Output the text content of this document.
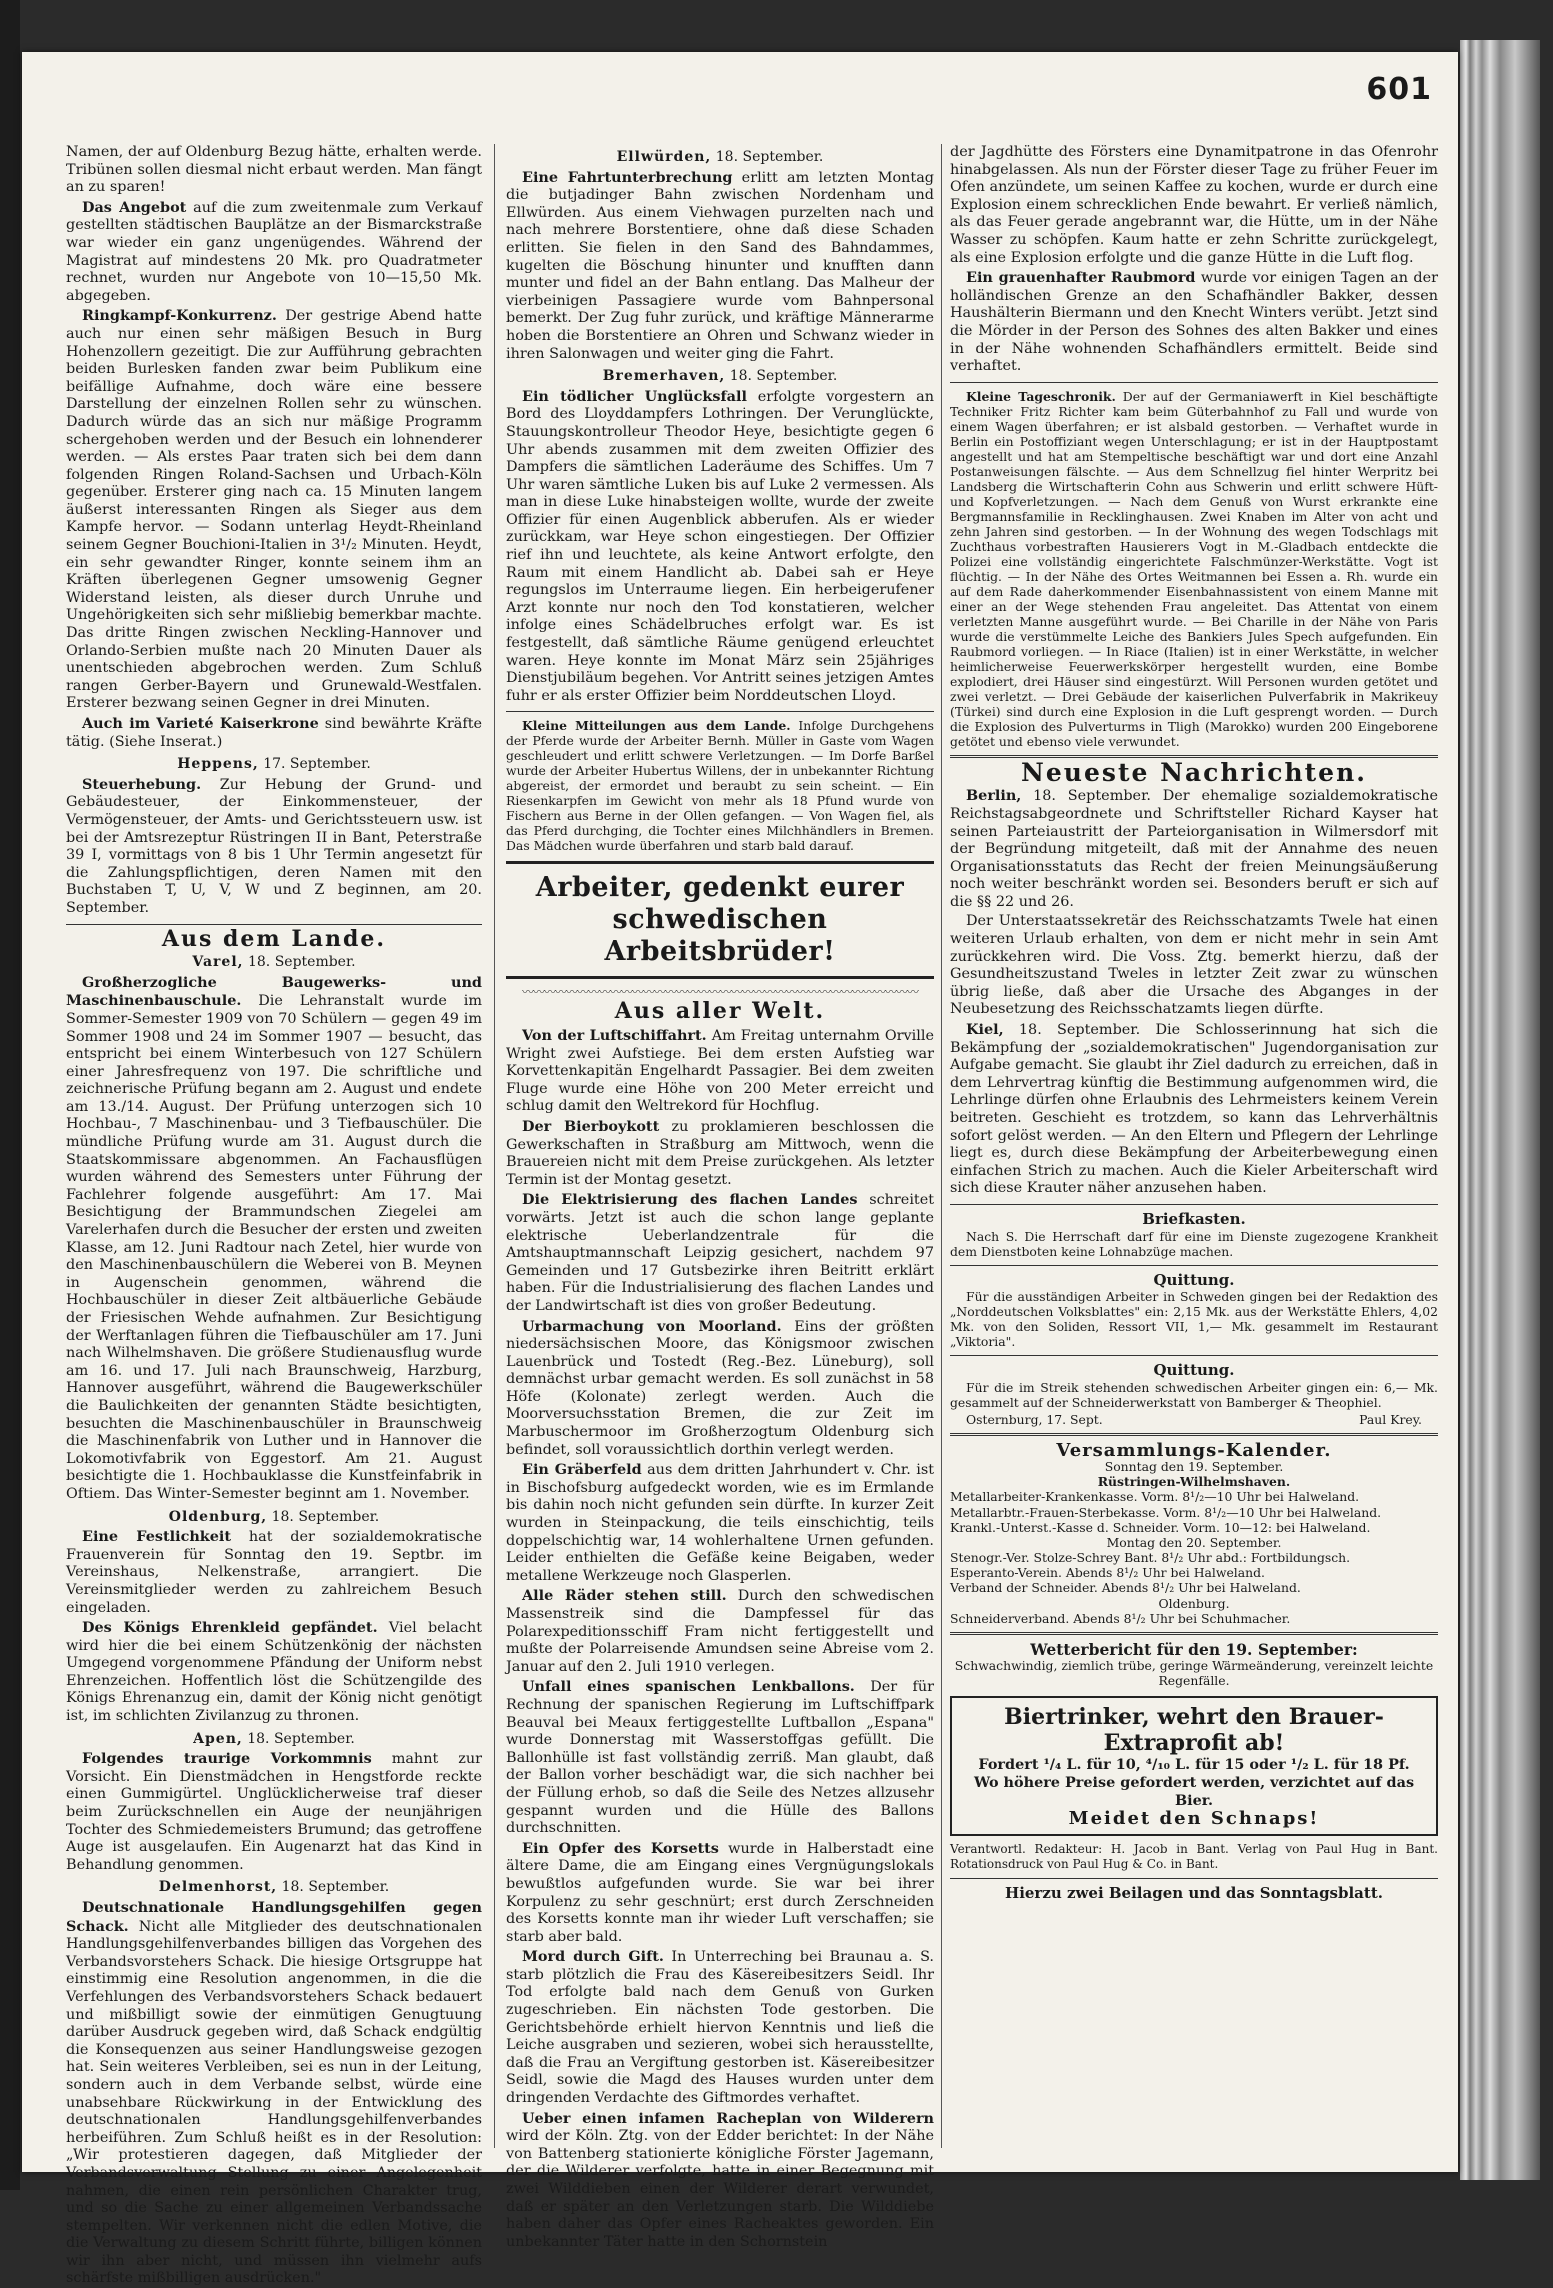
601

Namen, der auf Oldenburg Bezug hätte, erhalten werde. Tribünen sollen diesmal nicht erbaut werden. Man fängt an zu sparen!

Das Angebot auf die zum zweitenmale zum Verkauf gestellten städtischen Bauplätze an der Bismarckstraße war wieder ein ganz ungenügendes. Während der Magistrat auf mindestens 20 Mk. pro Quadratmeter rechnet, wurden nur Angebote von 10—15,50 Mk. abgegeben.

Ringkampf-Konkurrenz. Der gestrige Abend hatte auch nur einen sehr mäßigen Besuch in Burg Hohenzollern gezeitigt. Die zur Aufführung gebrachten beiden Burlesken fanden zwar beim Publikum eine beifällige Aufnahme, doch wäre eine bessere Darstellung der einzelnen Rollen sehr zu wünschen. Dadurch würde das an sich nur mäßige Programm schergehoben werden und der Besuch ein lohnenderer werden. — Als erstes Paar traten sich bei dem dann folgenden Ringen Roland-Sachsen und Urbach-Köln gegenüber. Ersterer ging nach ca. 15 Minuten langem äußerst interessanten Ringen als Sieger aus dem Kampfe hervor. — Sodann unterlag Heydt-Rheinland seinem Gegner Bouchioni-Italien in 3¹/₂ Minuten. Heydt, ein sehr gewandter Ringer, konnte seinem ihm an Kräften überlegenen Gegner umsowenig Gegner Widerstand leisten, als dieser durch Unruhe und Ungehörigkeiten sich sehr mißliebig bemerkbar machte. Das dritte Ringen zwischen Neckling-Hannover und Orlando-Serbien mußte nach 20 Minuten Dauer als unentschieden abgebrochen werden. Zum Schluß rangen Gerber-Bayern und Grunewald-Westfalen. Ersterer bezwang seinen Gegner in drei Minuten.

Auch im Varieté Kaiserkrone sind bewährte Kräfte tätig. (Siehe Inserat.)

Heppens, 17. September.

Steuerhebung. Zur Hebung der Grund- und Gebäudesteuer, der Einkommensteuer, der Vermögensteuer, der Amts- und Gerichtssteuern usw. ist bei der Amtsrezeptur Rüstringen II in Bant, Peterstraße 39 I, vormittags von 8 bis 1 Uhr Termin angesetzt für die Zahlungspflichtigen, deren Namen mit den Buchstaben T, U, V, W und Z beginnen, am 20. September.

Aus dem Lande.
Varel, 18. September.

Großherzogliche Baugewerks- und Maschinenbauschule. Die Lehranstalt wurde im Sommer-Semester 1909 von 70 Schülern — gegen 49 im Sommer 1908 und 24 im Sommer 1907 — besucht, das entspricht bei einem Winterbesuch von 127 Schülern einer Jahresfrequenz von 197. Die schriftliche und zeichnerische Prüfung begann am 2. August und endete am 13./14. August. Der Prüfung unterzogen sich 10 Hochbau-, 7 Maschinenbau- und 3 Tiefbauschüler. Die mündliche Prüfung wurde am 31. August durch die Staatskommissare abgenommen. An Fachausflügen wurden während des Semesters unter Führung der Fachlehrer folgende ausgeführt: Am 17. Mai Besichtigung der Brammundschen Ziegelei am Varelerhafen durch die Besucher der ersten und zweiten Klasse, am 12. Juni Radtour nach Zetel, hier wurde von den Maschinenbauschülern die Weberei von B. Meynen in Augenschein genommen, während die Hochbauschüler in dieser Zeit altbäuerliche Gebäude der Friesischen Wehde aufnahmen. Zur Besichtigung der Werftanlagen führen die Tiefbauschüler am 17. Juni nach Wilhelmshaven. Die größere Studienausflug wurde am 16. und 17. Juli nach Braunschweig, Harzburg, Hannover ausgeführt, während die Baugewerkschüler die Baulichkeiten der genannten Städte besichtigten, besuchten die Maschinenbauschüler in Braunschweig die Maschinenfabrik von Luther und in Hannover die Lokomotivfabrik von Eggestorf. Am 21. August besichtigte die 1. Hochbauklasse die Kunstfeinfabrik in Oftiem. Das Winter-Semester beginnt am 1. November.

Oldenburg, 18. September.

Eine Festlichkeit hat der sozialdemokratische Frauenverein für Sonntag den 19. Septbr. im Vereinshaus, Nelkenstraße, arrangiert. Die Vereinsmitglieder werden zu zahlreichem Besuch eingeladen.

Des Königs Ehrenkleid gepfändet. Viel belacht wird hier die bei einem Schützenkönig der nächsten Umgegend vorgenommene Pfändung der Uniform nebst Ehrenzeichen. Hoffentlich löst die Schützengilde des Königs Ehrenanzug ein, damit der König nicht genötigt ist, im schlichten Zivilanzug zu thronen.

Apen, 18. September.

Folgendes traurige Vorkommnis mahnt zur Vorsicht. Ein Dienstmädchen in Hengstforde reckte einen Gummigürtel. Unglücklicherweise traf dieser beim Zurückschnellen ein Auge der neunjährigen Tochter des Schmiedemeisters Brumund; das getroffene Auge ist ausgelaufen. Ein Augenarzt hat das Kind in Behandlung genommen.

Delmenhorst, 18. September.

Deutschnationale Handlungsgehilfen gegen Schack. Nicht alle Mitglieder des deutschnationalen Handlungsgehilfenverbandes billigen das Vorgehen des Verbandsvorstehers Schack. Die hiesige Ortsgruppe hat einstimmig eine Resolution angenommen, in die die Verfehlungen des Verbandsvorstehers Schack bedauert und mißbilligt sowie der einmütigen Genugtuung darüber Ausdruck gegeben wird, daß Schack endgültig die Konsequenzen aus seiner Handlungsweise gezogen hat. Sein weiteres Verbleiben, sei es nun in der Leitung, sondern auch in dem Verbande selbst, würde eine unabsehbare Rückwirkung in der Entwicklung des deutschnationalen Handlungsgehilfenverbandes herbeiführen. Zum Schluß heißt es in der Resolution: „Wir protestieren dagegen, daß Mitglieder der Verbandsverwaltung Stellung zu einer Angelegenheit nahmen, die einen rein persönlichen Charakter trug, und so die Sache zu einer allgemeinen Verbandssache stempelten. Wir verkennen nicht die edlen Motive, die die Verwaltung zu diesem Schritt führte, billigen können wir ihn aber nicht, und müssen ihn vielmehr aufs schärfste mißbilligen ausdrücken."

Ellwürden, 18. September.

Eine Fahrtunterbrechung erlitt am letzten Montag die butjadinger Bahn zwischen Nordenham und Ellwürden. Aus einem Viehwagen purzelten nach und nach mehrere Borstentiere, ohne daß diese Schaden erlitten. Sie fielen in den Sand des Bahndammes, kugelten die Böschung hinunter und knufften dann munter und fidel an der Bahn entlang. Das Malheur der vierbeinigen Passagiere wurde vom Bahnpersonal bemerkt. Der Zug fuhr zurück, und kräftige Männerarme hoben die Borstentiere an Ohren und Schwanz wieder in ihren Salonwagen und weiter ging die Fahrt.

Bremerhaven, 18. September.

Ein tödlicher Unglücksfall erfolgte vorgestern an Bord des Lloyddampfers Lothringen. Der Verunglückte, Stauungskontrolleur Theodor Heye, besichtigte gegen 6 Uhr abends zusammen mit dem zweiten Offizier des Dampfers die sämtlichen Laderäume des Schiffes. Um 7 Uhr waren sämtliche Luken bis auf Luke 2 vermessen. Als man in diese Luke hinabsteigen wollte, wurde der zweite Offizier für einen Augenblick abberufen. Als er wieder zurückkam, war Heye schon eingestiegen. Der Offizier rief ihn und leuchtete, als keine Antwort erfolgte, den Raum mit einem Handlicht ab. Dabei sah er Heye regungslos im Unterraume liegen. Ein herbeigerufener Arzt konnte nur noch den Tod konstatieren, welcher infolge eines Schädelbruches erfolgt war. Es ist festgestellt, daß sämtliche Räume genügend erleuchtet waren. Heye konnte im Monat März sein 25jähriges Dienstjubiläum begehen. Vor Antritt seines jetzigen Amtes fuhr er als erster Offizier beim Norddeutschen Lloyd.

Kleine Mitteilungen aus dem Lande. Infolge Durchgehens der Pferde wurde der Arbeiter Bernh. Müller in Gaste vom Wagen geschleudert und erlitt schwere Verletzungen. — Im Dorfe Barßel wurde der Arbeiter Hubertus Willens, der in unbekannter Richtung abgereist, der ermordet und beraubt zu sein scheint. — Ein Riesenkarpfen im Gewicht von mehr als 18 Pfund wurde von Fischern aus Berne in der Ollen gefangen. — Von Wagen fiel, als das Pferd durchging, die Tochter eines Milchhändlers in Bremen. Das Mädchen wurde überfahren und starb bald darauf.

Arbeiter, gedenkt eurer schwedischen Arbeitsbrüder!
〰〰〰〰〰〰〰〰〰〰〰〰〰〰〰〰〰〰〰〰〰〰〰〰〰〰〰〰〰〰〰〰〰〰〰〰
Aus aller Welt.

Von der Luftschiffahrt. Am Freitag unternahm Orville Wright zwei Aufstiege. Bei dem ersten Aufstieg war Korvettenkapitän Engelhardt Passagier. Bei dem zweiten Fluge wurde eine Höhe von 200 Meter erreicht und schlug damit den Weltrekord für Hochflug.

Der Bierboykott zu proklamieren beschlossen die Gewerkschaften in Straßburg am Mittwoch, wenn die Brauereien nicht mit dem Preise zurückgehen. Als letzter Termin ist der Montag gesetzt.

Die Elektrisierung des flachen Landes schreitet vorwärts. Jetzt ist auch die schon lange geplante elektrische Ueberlandzentrale für die Amtshauptmannschaft Leipzig gesichert, nachdem 97 Gemeinden und 17 Gutsbezirke ihren Beitritt erklärt haben. Für die Industrialisierung des flachen Landes und der Landwirtschaft ist dies von großer Bedeutung.

Urbarmachung von Moorland. Eins der größten niedersächsischen Moore, das Königsmoor zwischen Lauenbrück und Tostedt (Reg.-Bez. Lüneburg), soll demnächst urbar gemacht werden. Es soll zunächst in 58 Höfe (Kolonate) zerlegt werden. Auch die Moorversuchsstation Bremen, die zur Zeit im Marbuschermoor im Großherzogtum Oldenburg sich befindet, soll voraussichtlich dorthin verlegt werden.

Ein Gräberfeld aus dem dritten Jahrhundert v. Chr. ist in Bischofsburg aufgedeckt worden, wie es im Ermlande bis dahin noch nicht gefunden sein dürfte. In kurzer Zeit wurden in Steinpackung, die teils einschichtig, teils doppelschichtig war, 14 wohlerhaltene Urnen gefunden. Leider enthielten die Gefäße keine Beigaben, weder metallene Werkzeuge noch Glasperlen.

Alle Räder stehen still. Durch den schwedischen Massenstreik sind die Dampfessel für das Polarexpeditionsschiff Fram nicht fertiggestellt und mußte der Polarreisende Amundsen seine Abreise vom 2. Januar auf den 2. Juli 1910 verlegen.

Unfall eines spanischen Lenkballons. Der für Rechnung der spanischen Regierung im Luftschiffpark Beauval bei Meaux fertiggestellte Luftballon „Espana" wurde Donnerstag mit Wasserstoffgas gefüllt. Die Ballonhülle ist fast vollständig zerriß. Man glaubt, daß der Ballon vorher beschädigt war, die sich nachher bei der Füllung erhob, so daß die Seile des Netzes allzusehr gespannt wurden und die Hülle des Ballons durchschnitten.

Ein Opfer des Korsetts wurde in Halberstadt eine ältere Dame, die am Eingang eines Vergnügungslokals bewußtlos aufgefunden wurde. Sie war bei ihrer Korpulenz zu sehr geschnürt; erst durch Zerschneiden des Korsetts konnte man ihr wieder Luft verschaffen; sie starb aber bald.

Mord durch Gift. In Unterreching bei Braunau a. S. starb plötzlich die Frau des Käsereibesitzers Seidl. Ihr Tod erfolgte bald nach dem Genuß von Gurken zugeschrieben. Ein nächsten Tode gestorben. Die Gerichtsbehörde erhielt hiervon Kenntnis und ließ die Leiche ausgraben und sezieren, wobei sich herausstellte, daß die Frau an Vergiftung gestorben ist. Käsereibesitzer Seidl, sowie die Magd des Hauses wurden unter dem dringenden Verdachte des Giftmordes verhaftet.

Ueber einen infamen Racheplan von Wilderern wird der Köln. Ztg. von der Edder berichtet: In der Nähe von Battenberg stationierte königliche Förster Jagemann, der die Wilderer verfolgte, hatte in einer Begegnung mit zwei Wilddieben einen der Wilderer derart verwundet, daß er später an den Verletzungen starb. Die Wilddiebe haben daher das Opfer eines Racheaktes geworden. Ein unbekannter Täter hatte in den Schornstein

der Jagdhütte des Försters eine Dynamitpatrone in das Ofenrohr hinabgelassen. Als nun der Förster dieser Tage zu früher Feuer im Ofen anzündete, um seinen Kaffee zu kochen, wurde er durch eine Explosion einem schrecklichen Ende bewahrt. Er verließ nämlich, als das Feuer gerade angebrannt war, die Hütte, um in der Nähe Wasser zu schöpfen. Kaum hatte er zehn Schritte zurückgelegt, als eine Explosion erfolgte und die ganze Hütte in die Luft flog.

Ein grauenhafter Raubmord wurde vor einigen Tagen an der holländischen Grenze an den Schafhändler Bakker, dessen Haushälterin Biermann und den Knecht Winters verübt. Jetzt sind die Mörder in der Person des Sohnes des alten Bakker und eines in der Nähe wohnenden Schafhändlers ermittelt. Beide sind verhaftet.

Kleine Tageschronik. Der auf der Germaniawerft in Kiel beschäftigte Techniker Fritz Richter kam beim Güterbahnhof zu Fall und wurde von einem Wagen überfahren; er ist alsbald gestorben. — Verhaftet wurde in Berlin ein Postoffiziant wegen Unterschlagung; er ist in der Hauptpostamt angestellt und hat am Stempeltische beschäftigt war und dort eine Anzahl Postanweisungen fälschte. — Aus dem Schnellzug fiel hinter Werpritz bei Landsberg die Wirtschafterin Cohn aus Schwerin und erlitt schwere Hüft- und Kopfverletzungen. — Nach dem Genuß von Wurst erkrankte eine Bergmannsfamilie in Recklinghausen. Zwei Knaben im Alter von acht und zehn Jahren sind gestorben. — In der Wohnung des wegen Todschlags mit Zuchthaus vorbestraften Hausierers Vogt in M.-Gladbach entdeckte die Polizei eine vollständig eingerichtete Falschmünzer-Werkstätte. Vogt ist flüchtig. — In der Nähe des Ortes Weitmannen bei Essen a. Rh. wurde ein auf dem Rade daherkommender Eisenbahnassistent von einem Manne mit einer an der Wege stehenden Frau angeleitet. Das Attentat von einem verletzten Manne ausgeführt wurde. — Bei Charille in der Nähe von Paris wurde die verstümmelte Leiche des Bankiers Jules Spech aufgefunden. Ein Raubmord vorliegen. — In Riace (Italien) ist in einer Werkstätte, in welcher heimlicherweise Feuerwerkskörper hergestellt wurden, eine Bombe explodiert, drei Häuser sind eingestürzt. Will Personen wurden getötet und zwei verletzt. — Drei Gebäude der kaiserlichen Pulverfabrik in Makrikeuy (Türkei) sind durch eine Explosion in die Luft gesprengt worden. — Durch die Explosion des Pulverturms in Tligh (Marokko) wurden 200 Eingeborene getötet und ebenso viele verwundet.

Neueste Nachrichten.

Berlin, 18. September. Der ehemalige sozialdemokratische Reichstagsabgeordnete und Schriftsteller Richard Kayser hat seinen Parteiaustritt der Parteiorganisation in Wilmersdorf mit der Begründung mitgeteilt, daß mit der Annahme des neuen Organisationsstatuts das Recht der freien Meinungsäußerung noch weiter beschränkt worden sei. Besonders beruft er sich auf die §§ 22 und 26.

Der Unterstaatssekretär des Reichsschatzamts Twele hat einen weiteren Urlaub erhalten, von dem er nicht mehr in sein Amt zurückkehren wird. Die Voss. Ztg. bemerkt hierzu, daß der Gesundheitszustand Tweles in letzter Zeit zwar zu wünschen übrig ließe, daß aber die Ursache des Abganges in der Neubesetzung des Reichsschatzamts liegen dürfte.

Kiel, 18. September. Die Schlosserinnung hat sich die Bekämpfung der „sozialdemokratischen" Jugendorganisation zur Aufgabe gemacht. Sie glaubt ihr Ziel dadurch zu erreichen, daß in dem Lehrvertrag künftig die Bestimmung aufgenommen wird, die Lehrlinge dürfen ohne Erlaubnis des Lehrmeisters keinem Verein beitreten. Geschieht es trotzdem, so kann das Lehrverhältnis sofort gelöst werden. — An den Eltern und Pflegern der Lehrlinge liegt es, durch diese Bekämpfung der Arbeiterbewegung einen einfachen Strich zu machen. Auch die Kieler Arbeiterschaft wird sich diese Krauter näher anzusehen haben.

Briefkasten.

Nach S. Die Herrschaft darf für eine im Dienste zugezogene Krankheit dem Dienstboten keine Lohnabzüge machen.

Quittung.

Für die ausständigen Arbeiter in Schweden gingen bei der Redaktion des „Norddeutschen Volksblattes" ein: 2,15 Mk. aus der Werkstätte Ehlers, 4,02 Mk. von den Soliden, Ressort VII, 1,— Mk. gesammelt im Restaurant „Viktoria".

Quittung.

Für die im Streik stehenden schwedischen Arbeiter gingen ein: 6,— Mk. gesammelt auf der Schneiderwerkstatt von Bamberger & Theophiel.

Osternburg, 17. Sept.	Paul Krey.
Versammlungs-Kalender.
Sonntag den 19. September.
Rüstringen-Wilhelmshaven.
Metallarbeiter-Krankenkasse. Vorm. 8¹/₂—10 Uhr bei Halweland.
Metallarbtr.-Frauen-Sterbekasse. Vorm. 8¹/₂—10 Uhr bei Halweland.
Krankl.-Unterst.-Kasse d. Schneider. Vorm. 10—12: bei Halweland.
Montag den 20. September.
Stenogr.-Ver. Stolze-Schrey Bant. 8¹/₂ Uhr abd.: Fortbildungsch.
Esperanto-Verein. Abends 8¹/₂ Uhr bei Halweland.
Verband der Schneider. Abends 8¹/₂ Uhr bei Halweland.
Oldenburg.
Schneiderverband. Abends 8¹/₂ Uhr bei Schuhmacher.
Wetterbericht für den 19. September:

Schwachwindig, ziemlich trübe, geringe Wärmeänderung, vereinzelt leichte Regenfälle.

Biertrinker, wehrt den Brauer-Extraprofit ab!
Fordert ¹/₄ L. für 10, ⁴/₁₀ L. für 15 oder ¹/₂ L. für 18 Pf.
Wo höhere Preise gefordert werden, verzichtet auf das Bier.
Meidet den Schnaps!
Verantwortl. Redakteur: H. Jacob in Bant. Verlag von Paul Hug in Bant. Rotationsdruck von Paul Hug & Co. in Bant.
Hierzu zwei Beilagen und das Sonntagsblatt.
